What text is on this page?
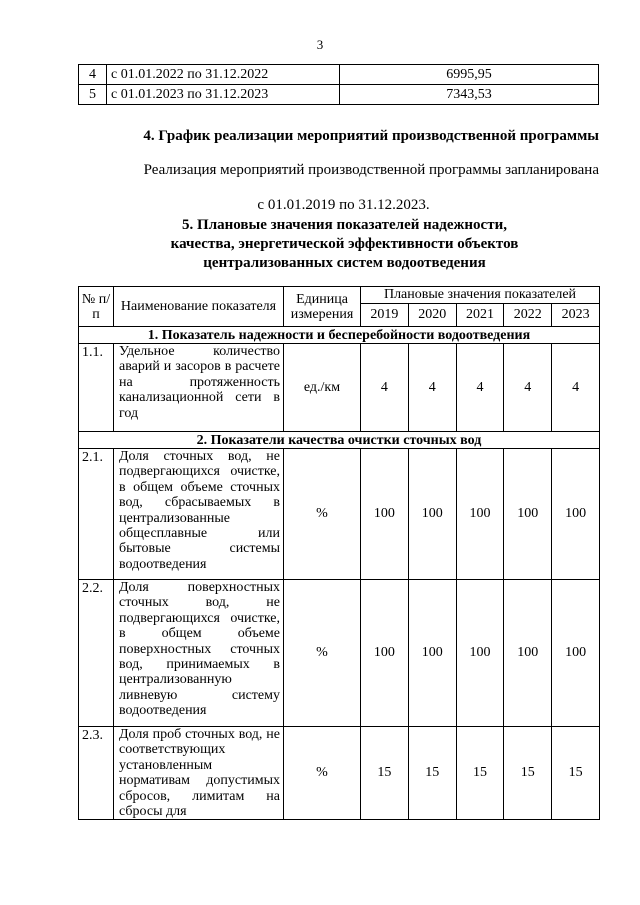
3
4	с 01.01.2022 по 31.12.2022	6995,95
5	с 01.01.2023 по 31.12.2023	7343,53
4. График реализации мероприятий производственной программы
Реализация мероприятий производственной программы запланирована
с 01.01.2019 по 31.12.2023.
5. Плановые значения показателей надежности,
качества, энергетической эффективности объектов
централизованных систем водоотведения
№ п/п	Наименование показателя	Единица измерения	Плановые значения показателей				
			2019	2020	2021	2022	2023
1. Показатель надежности и бесперебойности водоотведения							
1.1.	Удельное количество аварий и засоров в расчете на протяженность канализационной сети в год	ед./км	4	4	4	4	4
2. Показатели качества очистки сточных вод							
2.1.	Доля сточных вод, не подвергающихся очистке, в общем объеме сточных вод, сбрасываемых в централизованные общесплавные или бытовые системы водоотведения	%	100	100	100	100	100
2.2.	Доля поверхностных сточных вод, не подвергающихся очистке, в общем объеме поверхностных сточных вод, принимаемых в централизованную ливневую систему водоотведения	%	100	100	100	100	100
2.3.	Доля проб сточных вод, не соответствующих установленным нормативам допустимых сбросов, лимитам на сбросы для	%	15	15	15	15	15
